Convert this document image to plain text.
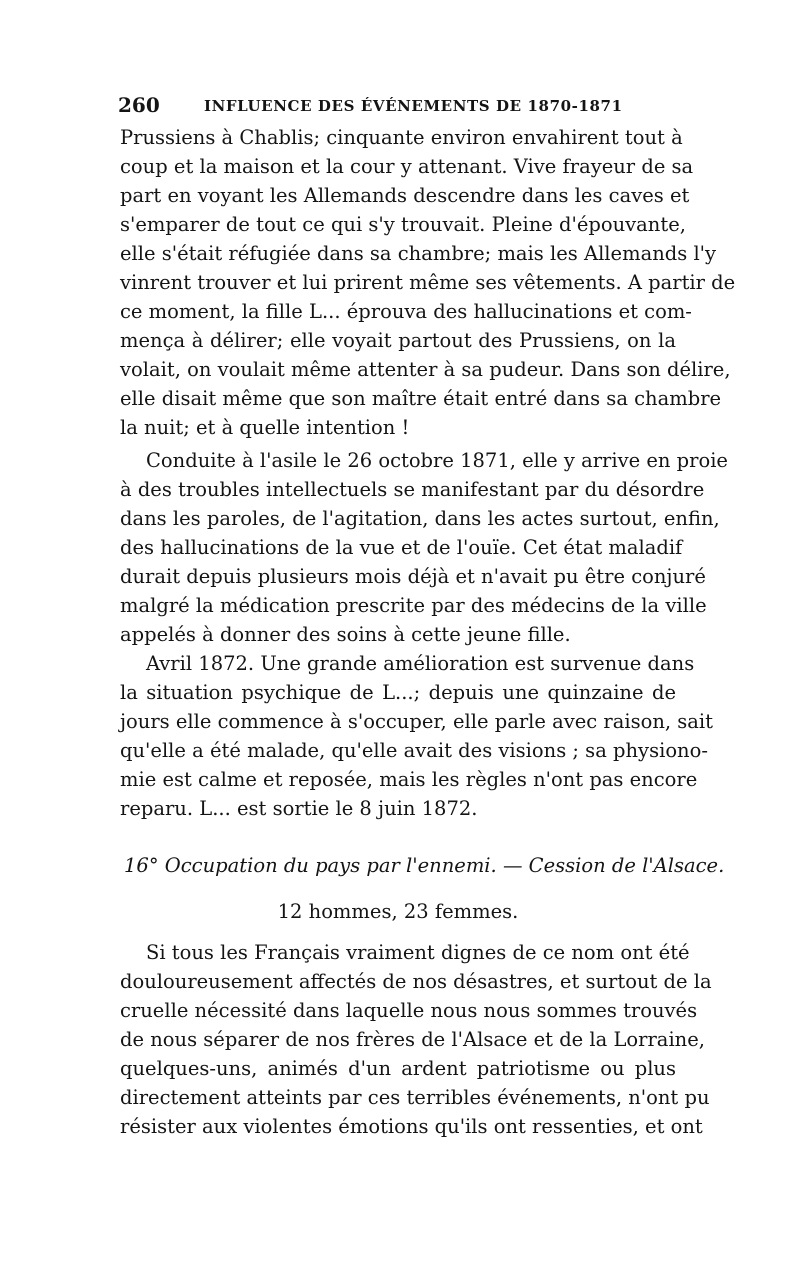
260	INFLUENCE DES ÉVÉNEMENTS DE 1870-1871
Prussiens à Chablis; cinquante environ envahirent tout à
coup et la maison et la cour y attenant. Vive frayeur de sa
part en voyant les Allemands descendre dans les caves et
s'emparer de tout ce qui s'y trouvait. Pleine d'épouvante,
elle s'était réfugiée dans sa chambre; mais les Allemands l'y
vinrent trouver et lui prirent même ses vêtements. A partir de
ce moment, la fille L... éprouva des hallucinations et com-
mença à délirer; elle voyait partout des Prussiens, on la
volait, on voulait même attenter à sa pudeur. Dans son délire,
elle disait même que son maître était entré dans sa chambre
la nuit; et à quelle intention !
Conduite à l'asile le 26 octobre 1871, elle y arrive en proie
à des troubles intellectuels se manifestant par du désordre
dans les paroles, de l'agitation, dans les actes surtout, enfin,
des hallucinations de la vue et de l'ouïe. Cet état maladif
durait depuis plusieurs mois déjà et n'avait pu être conjuré
malgré la médication prescrite par des médecins de la ville
appelés à donner des soins à cette jeune fille.
Avril 1872. Une grande amélioration est survenue dans
la situation psychique de L...; depuis une quinzaine de
jours elle commence à s'occuper, elle parle avec raison, sait
qu'elle a été malade, qu'elle avait des visions ; sa physiono-
mie est calme et reposée, mais les règles n'ont pas encore
reparu. L... est sortie le 8 juin 1872.
16° Occupation du pays par l'ennemi. — Cession de l'Alsace.
12 hommes, 23 femmes.
Si tous les Français vraiment dignes de ce nom ont été
douloureusement affectés de nos désastres, et surtout de la
cruelle nécessité dans laquelle nous nous sommes trouvés
de nous séparer de nos frères de l'Alsace et de la Lorraine,
quelques-uns, animés d'un ardent patriotisme ou plus
directement atteints par ces terribles événements, n'ont pu
résister aux violentes émotions qu'ils ont ressenties, et ont
